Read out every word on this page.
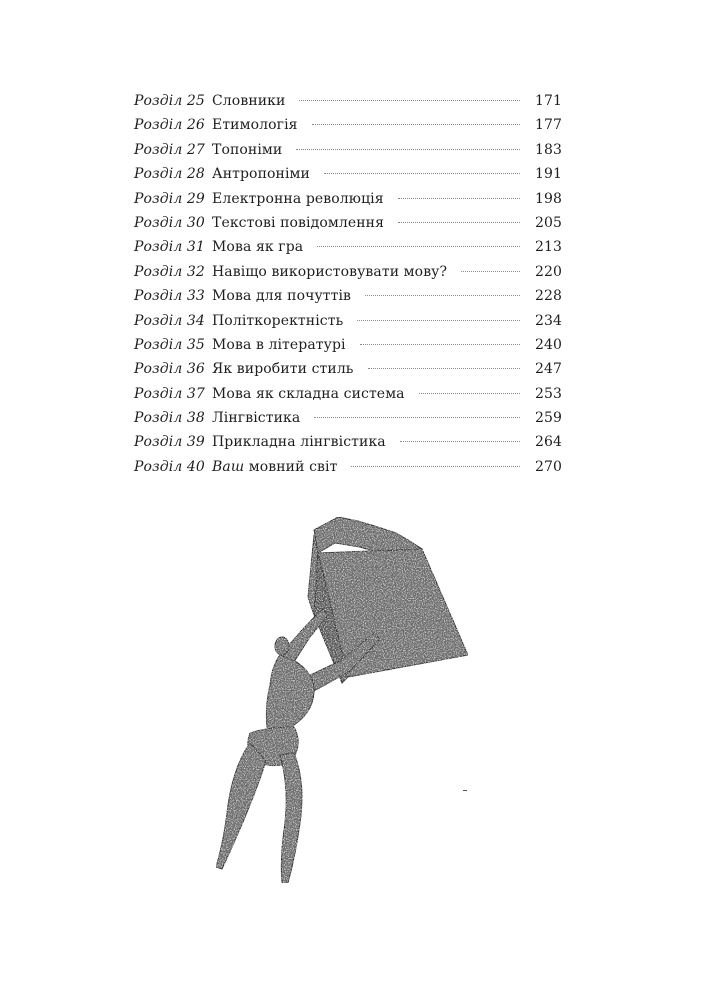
Розділ 25 Словники	171
Розділ 26 Етимологія	177
Розділ 27 Топоніми	183
Розділ 28 Антропоніми	191
Розділ 29 Електронна революція	198
Розділ 30 Текстові повідомлення	205
Розділ 31 Мова як гра	213
Розділ 32 Навіщо використовувати мову?	220
Розділ 33 Мова для почуттів	228
Розділ 34 Політкоректність	234
Розділ 35 Мова в літературі	240
Розділ 36 Як виробити стиль	247
Розділ 37 Мова як складна система	253
Розділ 38 Лінгвістика	259
Розділ 39 Прикладна лінгвістика	264
Розділ 40 Ваш мовний світ	270
